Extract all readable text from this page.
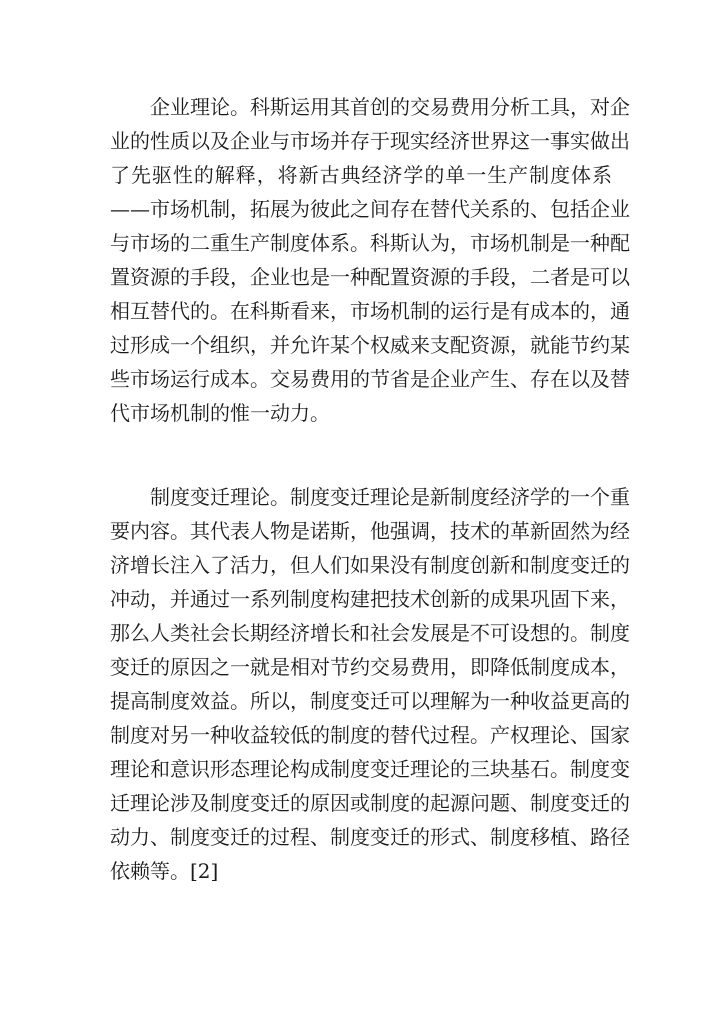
　　企业理论。科斯运用其首创的交易费用分析工具，对企
业的性质以及企业与市场并存于现实经济世界这一事实做出
了先驱性的解释，将新古典经济学的单一生产制度体系
——市场机制，拓展为彼此之间存在替代关系的、包括企业
与市场的二重生产制度体系。科斯认为，市场机制是一种配
置资源的手段，企业也是一种配置资源的手段，二者是可以
相互替代的。在科斯看来，市场机制的运行是有成本的，通
过形成一个组织，并允许某个权威来支配资源，就能节约某
些市场运行成本。交易费用的节省是企业产生、存在以及替
代市场机制的惟一动力。
　　制度变迁理论。制度变迁理论是新制度经济学的一个重
要内容。其代表人物是诺斯，他强调，技术的革新固然为经
济增长注入了活力，但人们如果没有制度创新和制度变迁的
冲动，并通过一系列制度构建把技术创新的成果巩固下来，
那么人类社会长期经济增长和社会发展是不可设想的。制度
变迁的原因之一就是相对节约交易费用，即降低制度成本，
提高制度效益。所以，制度变迁可以理解为一种收益更高的
制度对另一种收益较低的制度的替代过程。产权理论、国家
理论和意识形态理论构成制度变迁理论的三块基石。制度变
迁理论涉及制度变迁的原因或制度的起源问题、制度变迁的
动力、制度变迁的过程、制度变迁的形式、制度移植、路径
依赖等。[2]
